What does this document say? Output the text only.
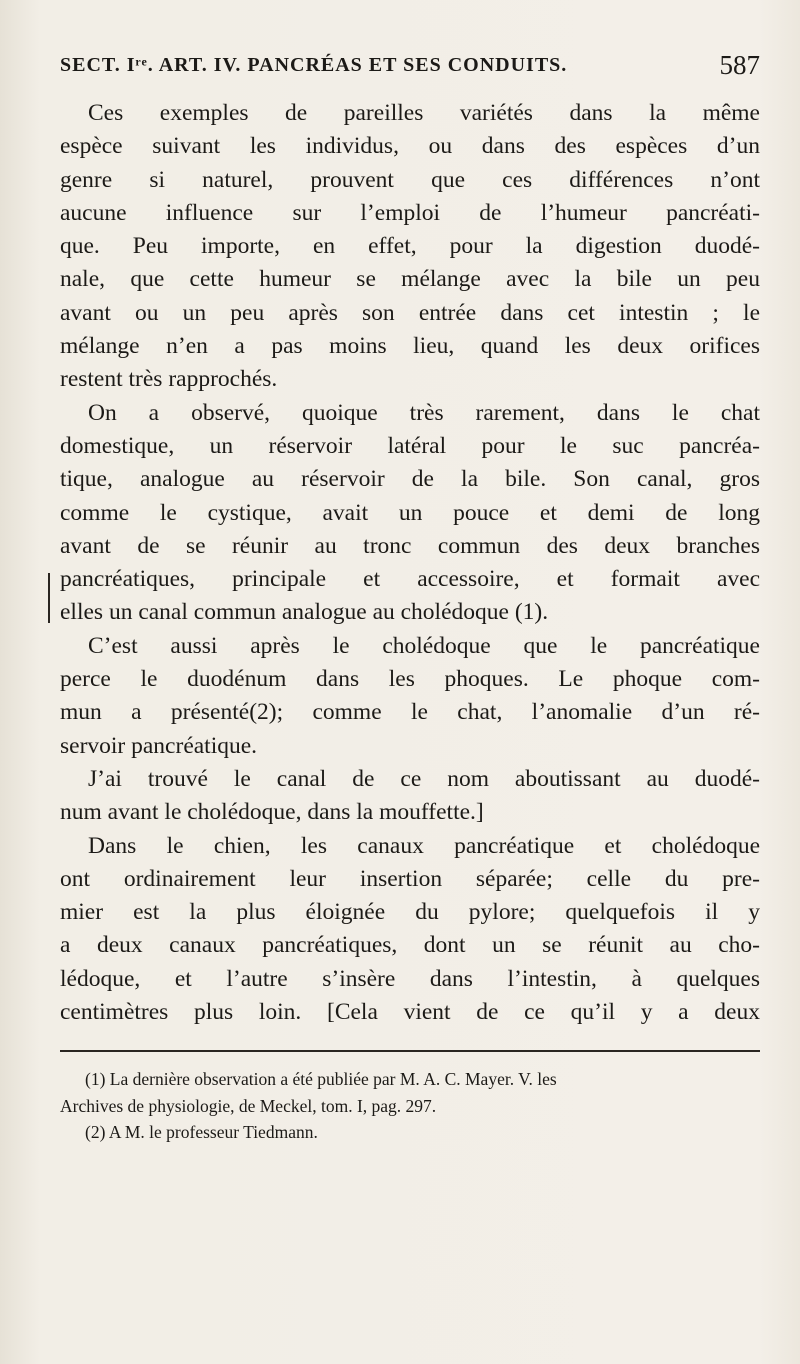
SECT. Iʳᵉ. ART. IV. PANCRÉAS ET SES CONDUITS.	587

Ces exemples de pareilles variétés dans la même
espèce suivant les individus, ou dans des espèces d’un
genre si naturel, prouvent que ces différences n’ont
aucune influence sur l’emploi de l’humeur pancréati-
que. Peu importe, en effet, pour la digestion duodé-
nale, que cette humeur se mélange avec la bile un peu
avant ou un peu après son entrée dans cet intestin ; le
mélange n’en a pas moins lieu, quand les deux orifices
restent très rapprochés.

On a observé, quoique très rarement, dans le chat
domestique, un réservoir latéral pour le suc pancréa-
tique, analogue au réservoir de la bile. Son canal, gros
comme le cystique, avait un pouce et demi de long
avant de se réunir au tronc commun des deux branches
pancréatiques, principale et accessoire, et formait avec
elles un canal commun analogue au cholédoque (1).

C’est aussi après le cholédoque que le pancréatique
perce le duodénum dans les phoques. Le phoque com-
mun a présenté(2); comme le chat, l’anomalie d’un ré-
servoir pancréatique.

J’ai trouvé le canal de ce nom aboutissant au duodé-
num avant le cholédoque, dans la mouffette.]

Dans le chien, les canaux pancréatique et cholédoque
ont ordinairement leur insertion séparée; celle du pre-
mier est la plus éloignée du pylore; quelquefois il y
a deux canaux pancréatiques, dont un se réunit au cho-
lédoque, et l’autre s’insère dans l’intestin, à quelques
centimètres plus loin. [Cela vient de ce qu’il y a deux

(1) La dernière observation a été publiée par M. A. C. Mayer. V. les
Archives de physiologie, de Meckel, tom. I, pag. 297.
(2) A M. le professeur Tiedmann.
